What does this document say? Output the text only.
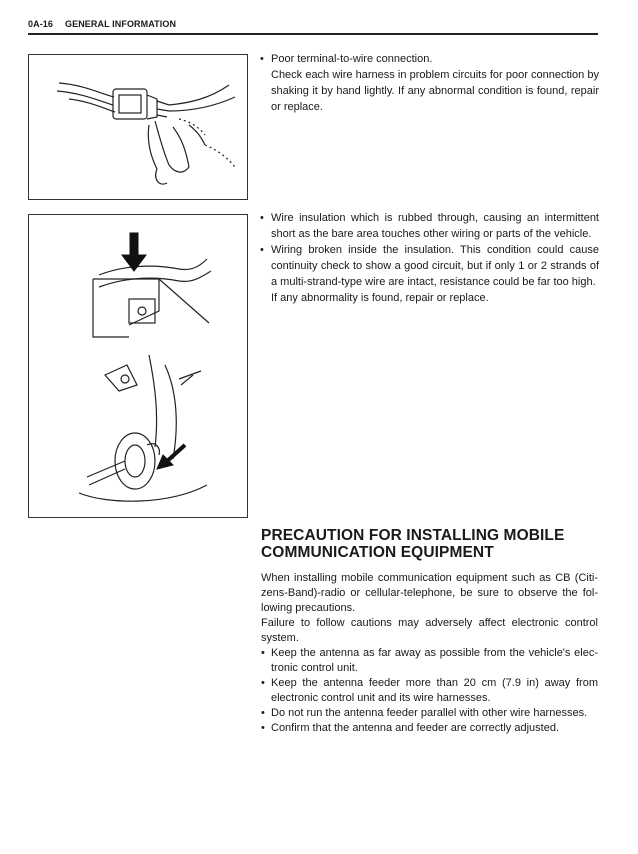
0A-16 GENERAL INFORMATION

• Poor terminal-to-wire connection.

Check each wire harness in problem circuits for poor connection by shaking it by hand lightly. If any abnormal condition is found, repair or replace.

• Wire insulation which is rubbed through, causing an intermittent short as the bare area touches other wiring or parts of the vehicle.

• Wiring broken inside the insulation. This condition could cause continuity check to show a good circuit, but if only 1 or 2 strands of a multi-strand-type wire are intact, resistance could be far too high.

If any abnormality is found, repair or replace.

PRECAUTION FOR INSTALLING MOBILE
COMMUNICATION EQUIPMENT

When installing mobile communication equipment such as CB (Citi-zens-Band)-radio or cellular-telephone, be sure to observe the fol-lowing precautions.

Failure to follow cautions may adversely affect electronic control system.

• Keep the antenna as far away as possible from the vehicle's elec-tronic control unit.

• Keep the antenna feeder more than 20 cm (7.9 in) away from electronic control unit and its wire harnesses.

• Do not run the antenna feeder parallel with other wire harnesses.

• Confirm that the antenna and feeder are correctly adjusted.
